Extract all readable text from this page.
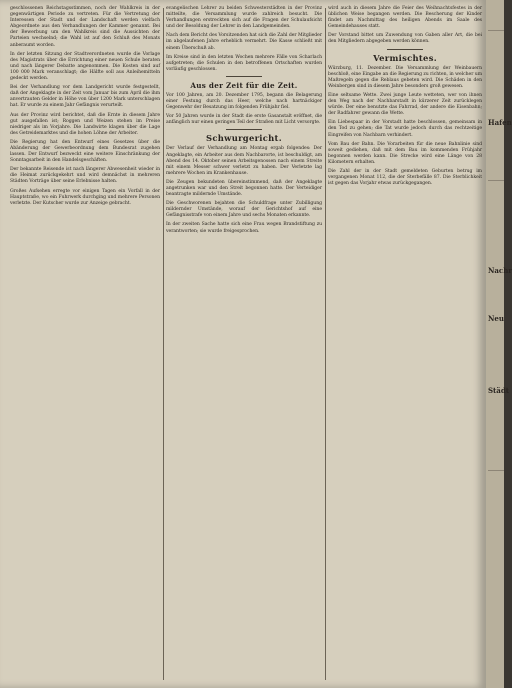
geschlossenen Reichstagsstimmen, noch der Wahlkreis in der gegenwärtigen Periode zu vertreten. Für die Vertretung der Interessen der Stadt und der Landschaft werden vielfach Abgeordnete aus den Verhandlungen der Kammer genannt. Bei der Bewerbung um den Wahlkreis sind die Aussichten der Parteien wechselnd; die Wahl ist auf den Schluß des Monats anberaumt worden.

In der letzten Sitzung der Stadtverordneten wurde die Vorlage des Magistrats über die Errichtung einer neuen Schule beraten und nach längerer Debatte angenommen. Die Kosten sind auf 100 000 Mark veranschlagt; die Hälfte soll aus Anleihemitteln gedeckt werden.

Bei der Verhandlung vor dem Landgericht wurde festgestellt, daß der Angeklagte in der Zeit vom Januar bis zum April die ihm anvertrauten Gelder in Höhe von über 1200 Mark unterschlagen hat. Er wurde zu einem Jahr Gefängnis verurteilt.

Aus der Provinz wird berichtet, daß die Ernte in diesem Jahre gut ausgefallen ist; Roggen und Weizen stehen im Preise niedriger als im Vorjahre. Die Landwirte klagen über die Lage des Getreidemarktes und die hohen Löhne der Arbeiter.

Die Regierung hat den Entwurf eines Gesetzes über die Abänderung der Gewerbeordnung dem Bundesrat zugehen lassen. Der Entwurf bezweckt eine weitere Einschränkung der Sonntagsarbeit in den Handelsgeschäften.

Der bekannte Reisende ist nach längerer Abwesenheit wieder in die Heimat zurückgekehrt und wird demnächst in mehreren Städten Vorträge über seine Erlebnisse halten.

Großes Aufsehen erregte vor einigen Tagen ein Vorfall in der Hauptstraße, wo ein Fuhrwerk durchging und mehrere Personen verletzte. Der Kutscher wurde zur Anzeige gebracht.

evangelischen Lehrer zu beiden Schwesterstädten in der Provinz mitteilte, die Versammlung wurde zahlreich besucht. Die Verhandlungen erstreckten sich auf die Fragen der Schulaufsicht und der Besoldung der Lehrer in den Landgemeinden.

Nach dem Bericht des Vorsitzenden hat sich die Zahl der Mitglieder im abgelaufenen Jahre erheblich vermehrt. Die Kasse schließt mit einem Überschuß ab.

Im Kreise sind in den letzten Wochen mehrere Fälle von Scharlach aufgetreten; die Schulen in den betroffenen Ortschaften wurden vorläufig geschlossen.

Aus der Zeit für die Zeit.

Vor 100 Jahren, am 20. Dezember 1795, begann die Belagerung einer Festung durch das Heer, welche nach hartnäckiger Gegenwehr der Besatzung im folgenden Frühjahr fiel.

Vor 50 Jahren wurde in der Stadt die erste Gasanstalt eröffnet, die anfänglich nur einen geringen Teil der Straßen mit Licht versorgte.

Schwurgericht.

Der Verlauf der Verhandlung am Montag ergab folgendes: Der Angeklagte, ein Arbeiter aus dem Nachbarorte, ist beschuldigt, am Abend des 14. Oktober seinen Arbeitsgenossen nach einem Streite mit einem Messer schwer verletzt zu haben. Der Verletzte lag mehrere Wochen im Krankenhause.

Die Zeugen bekundeten übereinstimmend, daß der Angeklagte angetrunken war und den Streit begonnen hatte. Der Verteidiger beantragte mildernde Umstände.

Die Geschworenen bejahten die Schuldfrage unter Zubilligung mildernder Umstände, worauf der Gerichtshof auf eine Gefängnisstrafe von einem Jahre und sechs Monaten erkannte.

In der zweiten Sache hatte sich eine Frau wegen Brandstiftung zu verantworten; sie wurde freigesprochen.

wird auch in diesem Jahre die Feier des Weihnachtsfestes in der üblichen Weise begangen werden. Die Bescherung der Kinder findet am Nachmittag des heiligen Abends im Saale des Gemeindehauses statt.

Der Vorstand bittet um Zuwendung von Gaben aller Art, die bei den Mitgliedern abgegeben werden können.

Vermischtes.

Würzburg, 11. Dezember. Die Versammlung der Weinbauern beschloß, eine Eingabe an die Regierung zu richten, in welcher um Maßregeln gegen die Reblaus gebeten wird. Die Schäden in den Weinbergen sind in diesem Jahre besonders groß gewesen.

Eine seltsame Wette. Zwei junge Leute wetteten, wer von ihnen den Weg nach der Nachbarstadt in kürzerer Zeit zurücklegen würde. Der eine benutzte das Fahrrad, der andere die Eisenbahn; der Radfahrer gewann die Wette.

Ein Liebespaar in der Vorstadt hatte beschlossen, gemeinsam in den Tod zu gehen; die Tat wurde jedoch durch das rechtzeitige Eingreifen von Nachbarn verhindert.

Vom Bau der Bahn. Die Vorarbeiten für die neue Bahnlinie sind soweit gediehen, daß mit dem Bau im kommenden Frühjahr begonnen werden kann. Die Strecke wird eine Länge von 28 Kilometern erhalten.

Die Zahl der in der Stadt gemeldeten Geburten betrug im vergangenen Monat 112, die der Sterbefälle 87. Die Sterblichkeit ist gegen das Vorjahr etwas zurückgegangen.

Hafen
Nachr
Neu
Städt
